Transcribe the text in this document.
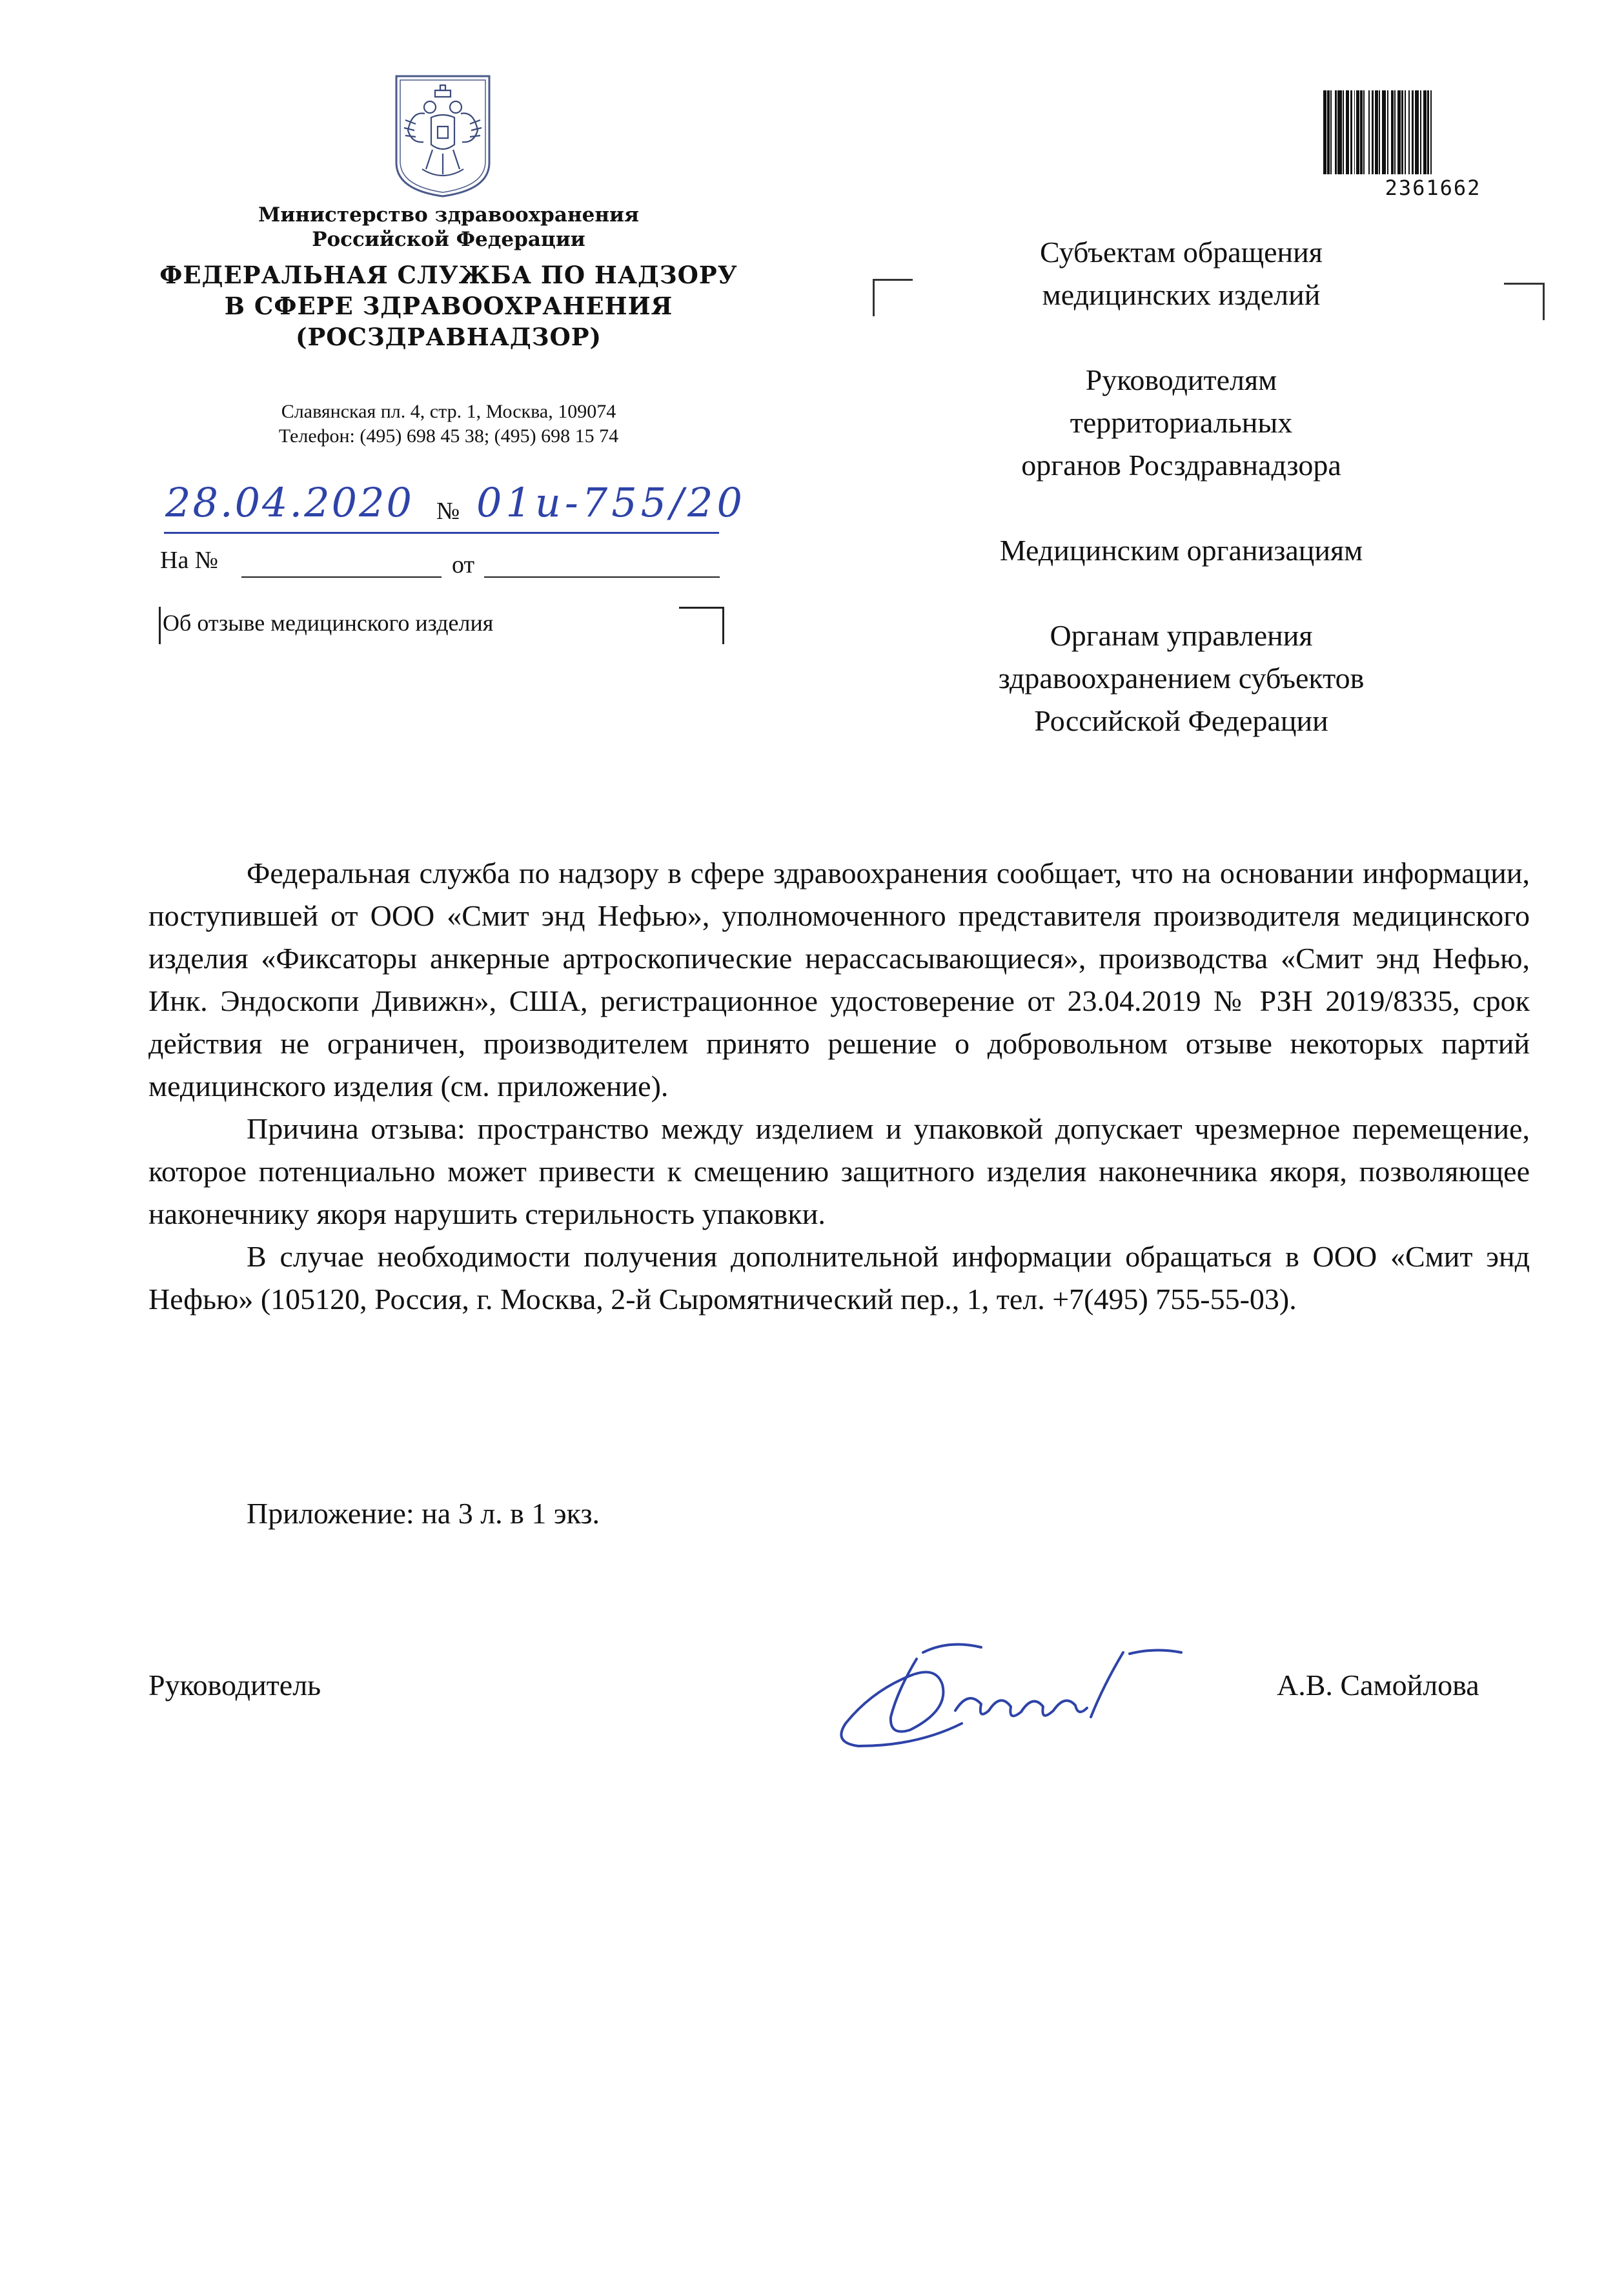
Министерство здравоохранения
Российской Федерации
ФЕДЕРАЛЬНАЯ СЛУЖБА ПО НАДЗОРУ
В СФЕРЕ ЗДРАВООХРАНЕНИЯ
(РОСЗДРАВНАДЗОР)
Славянская пл. 4, стр. 1, Москва, 109074
Телефон: (495) 698 45 38; (495) 698 15 74
28.04.2020 № 01и-755/20
На №	от
Об отзыве медицинского изделия
2361662
Субъектам обращения
медицинских изделий
Руководителям
территориальных
органов Росздравнадзора
Медицинским организациям
Органам управления
здравоохранением субъектов
Российской Федерации

Федеральная служба по надзору в сфере здравоохранения сообщает, что на основании информации, поступившей от ООО «Смит энд Нефью», уполномоченного представителя производителя медицинского изделия «Фиксаторы анкерные артроскопические нерассасывающиеся», производства «Смит энд Нефью, Инк. Эндоскопи Дивижн», США, регистрационное удостоверение от 23.04.2019 № РЗН 2019/8335, срок действия не ограничен, производителем принято решение о добровольном отзыве некоторых партий медицинского изделия (см. приложение).

Причина отзыва: пространство между изделием и упаковкой допускает чрезмерное перемещение, которое потенциально может привести к смещению защитного изделия наконечника якоря, позволяющее наконечнику якоря нарушить стерильность упаковки.

В случае необходимости получения дополнительной информации обращаться в ООО «Смит энд Нефью» (105120, Россия, г. Москва, 2-й Сыромятнический пер., 1, тел. +7(495) 755-55-03).

Приложение: на 3 л. в 1 экз.
Руководитель	А.В. Самойлова
